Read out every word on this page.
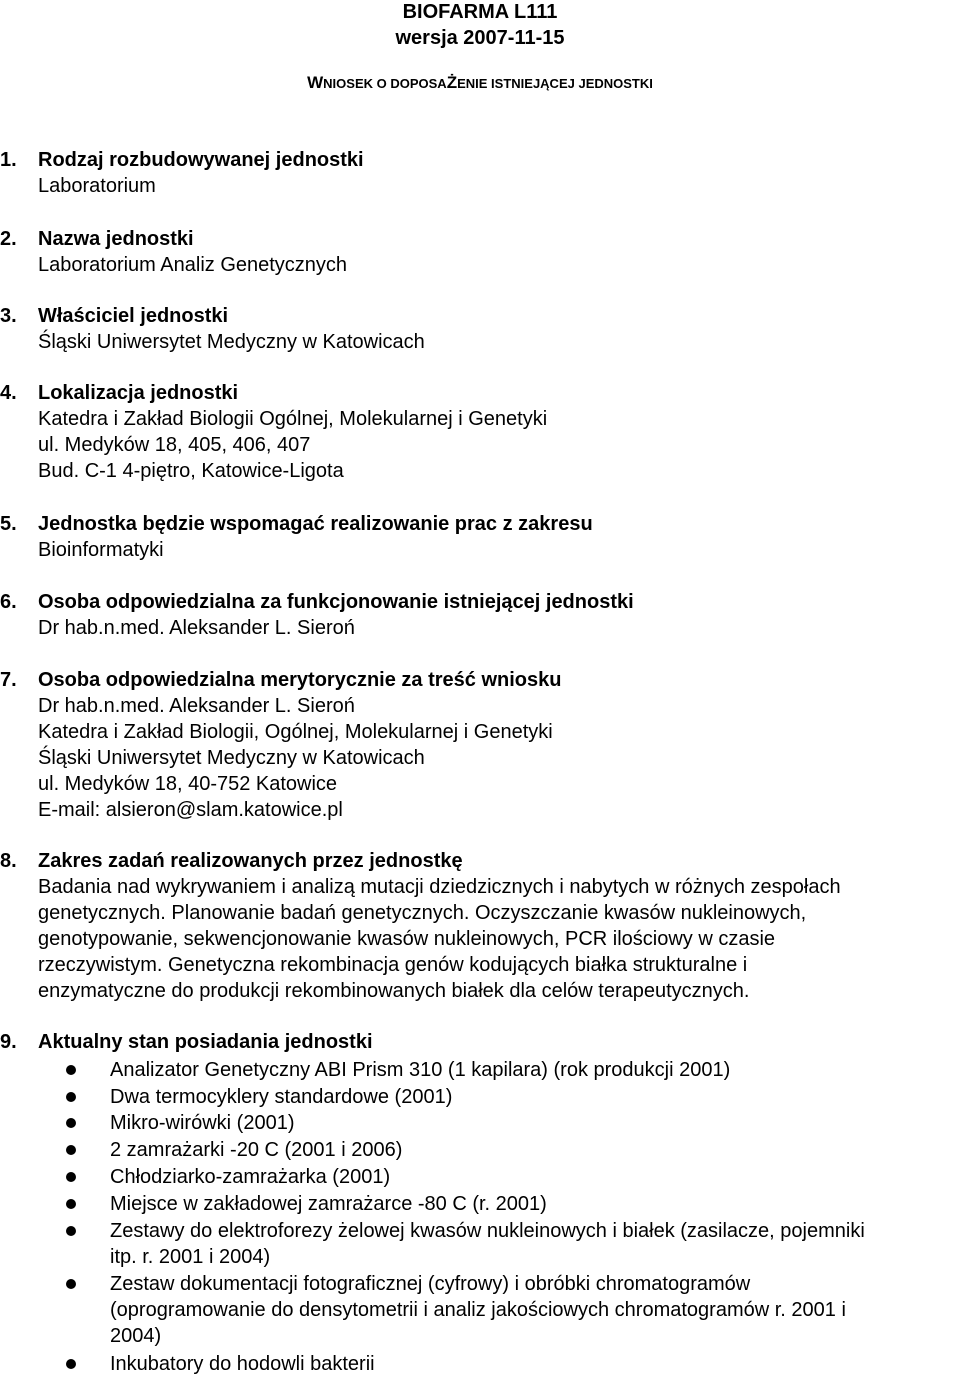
BIOFARMA L111
wersja 2007-11-15
WNIOSEK O DOPOSAŻENIE ISTNIEJĄCEJ JEDNOSTKI
1. Rodzaj rozbudowywanej jednostki
Laboratorium
2. Nazwa jednostki
Laboratorium Analiz Genetycznych
3. Właściciel jednostki
Śląski Uniwersytet Medyczny w Katowicach
4. Lokalizacja jednostki
Katedra i Zakład Biologii Ogólnej, Molekularnej i Genetyki
ul. Medyków 18, 405, 406, 407
Bud. C-1 4-piętro, Katowice-Ligota
5. Jednostka będzie wspomagać realizowanie prac z zakresu
Bioinformatyki
6. Osoba odpowiedzialna za funkcjonowanie istniejącej jednostki
Dr hab.n.med. Aleksander L. Sieroń
7. Osoba odpowiedzialna merytorycznie za treść wniosku
Dr hab.n.med. Aleksander L. Sieroń
Katedra i Zakład Biologii, Ogólnej, Molekularnej i Genetyki
Śląski Uniwersytet Medyczny w Katowicach
ul. Medyków 18, 40-752 Katowice
E-mail: alsieron@slam.katowice.pl
8. Zakres zadań realizowanych przez jednostkę
Badania nad wykrywaniem i analizą mutacji dziedzicznych i nabytych w różnych zespołach
genetycznych. Planowanie badań genetycznych. Oczyszczanie kwasów nukleinowych,
genotypowanie, sekwencjonowanie kwasów nukleinowych, PCR ilościowy w czasie
rzeczywistym. Genetyczna rekombinacja genów kodujących białka strukturalne i
enzymatyczne do produkcji rekombinowanych białek dla celów terapeutycznych.
9. Aktualny stan posiadania jednostki
Analizator Genetyczny ABI Prism 310 (1 kapilara) (rok produkcji 2001)
Dwa termocyklery standardowe (2001)
Mikro-wirówki (2001)
2 zamrażarki -20 C (2001 i 2006)
Chłodziarko-zamrażarka (2001)
Miejsce w zakładowej zamrażarce -80 C (r. 2001)
Zestawy do elektroforezy żelowej kwasów nukleinowych i białek (zasilacze, pojemniki
itp. r. 2001 i 2004)
Zestaw dokumentacji fotograficznej (cyfrowy) i obróbki chromatogramów
(oprogramowanie do densytometrii i analiz jakościowych chromatogramów r. 2001 i
2004)
Inkubatory do hodowli bakterii
